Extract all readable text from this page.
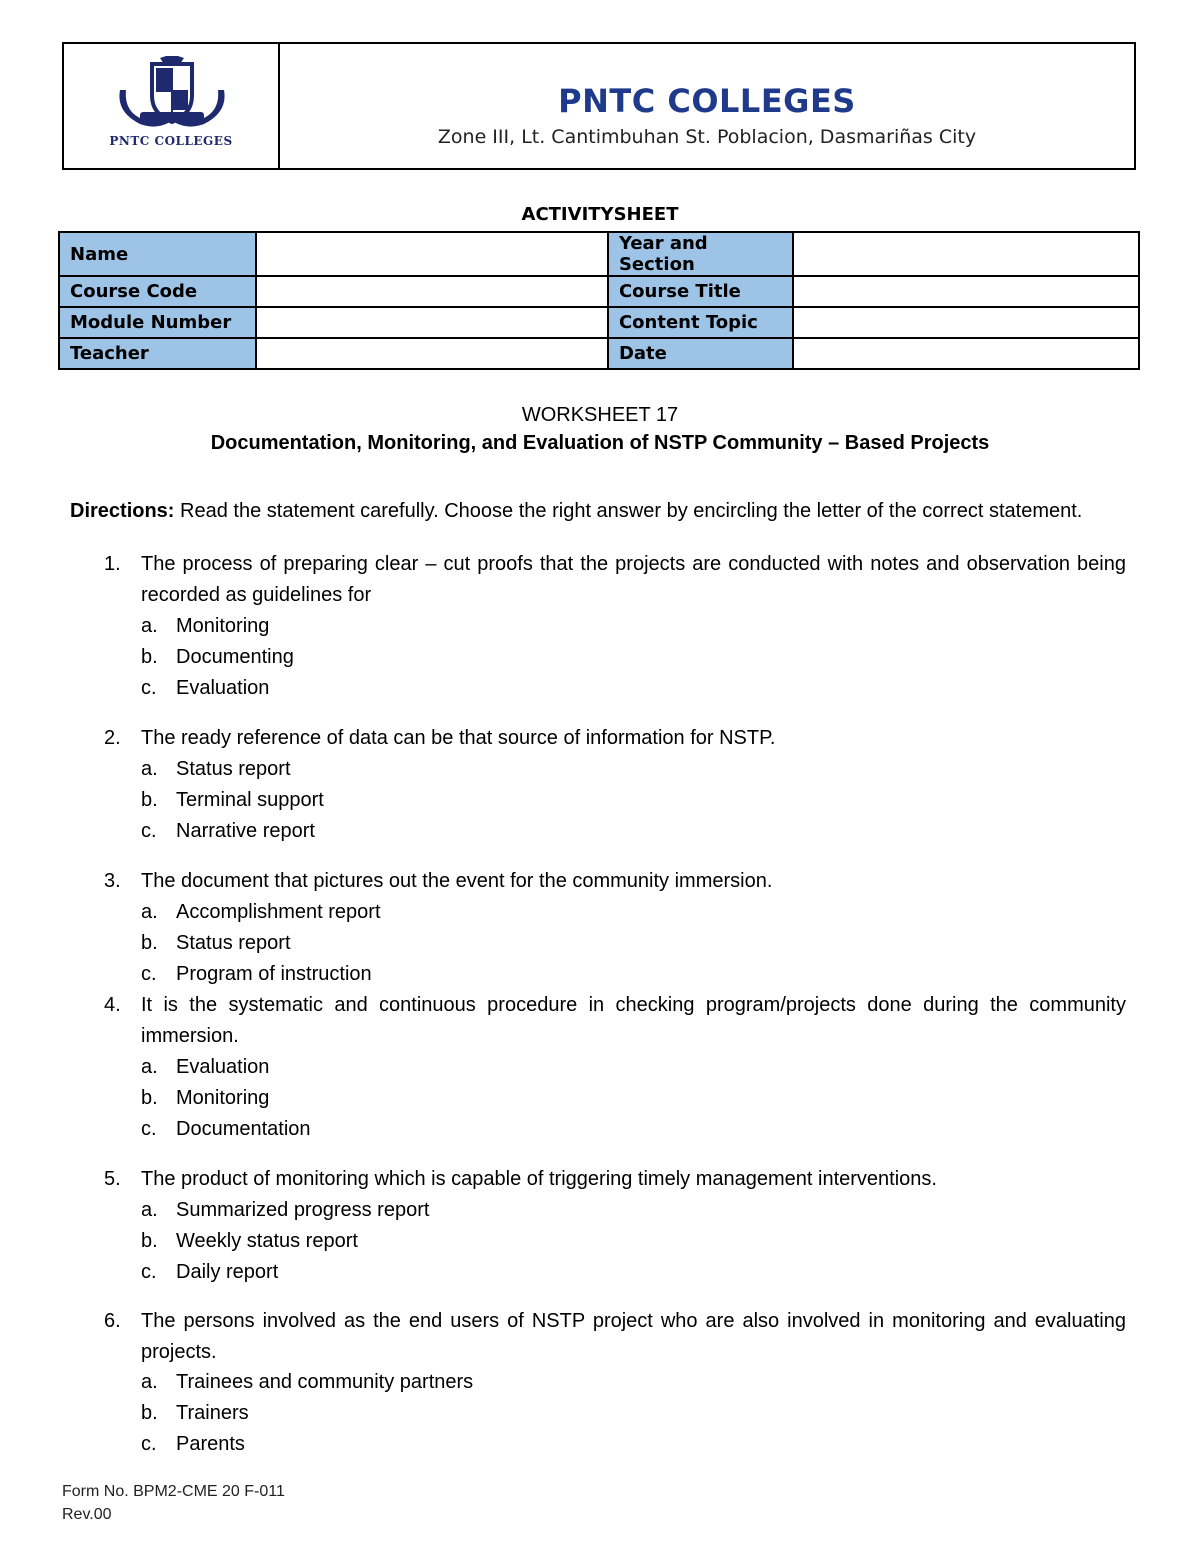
PNTC COLLEGES
PNTC COLLEGES
Zone III, Lt. Cantimbuhan St. Poblacion, Dasmariñas City
ACTIVITYSHEET
Name		Year and Section	
Course Code		Course Title	
Module Number		Content Topic	
Teacher		Date	
WORKSHEET 17
Documentation, Monitoring, and Evaluation of NSTP Community – Based Projects
Directions: Read the statement carefully. Choose the right answer by encircling the letter of the correct statement.
1. The process of preparing clear – cut proofs that the projects are conducted with notes and observation being recorded as guidelines for
a. Monitoring
b. Documenting
c. Evaluation
2. The ready reference of data can be that source of information for NSTP.
a. Status report
b. Terminal support
c. Narrative report
3. The document that pictures out the event for the community immersion.
a. Accomplishment report
b. Status report
c. Program of instruction
4. It is the systematic and continuous procedure in checking program/projects done during the community immersion.
a. Evaluation
b. Monitoring
c. Documentation
5. The product of monitoring which is capable of triggering timely management interventions.
a. Summarized progress report
b. Weekly status report
c. Daily report
6. The persons involved as the end users of NSTP project who are also involved in monitoring and evaluating projects.
a. Trainees and community partners
b. Trainers
c. Parents
Form No. BPM2-CME 20 F-011
Rev.00
